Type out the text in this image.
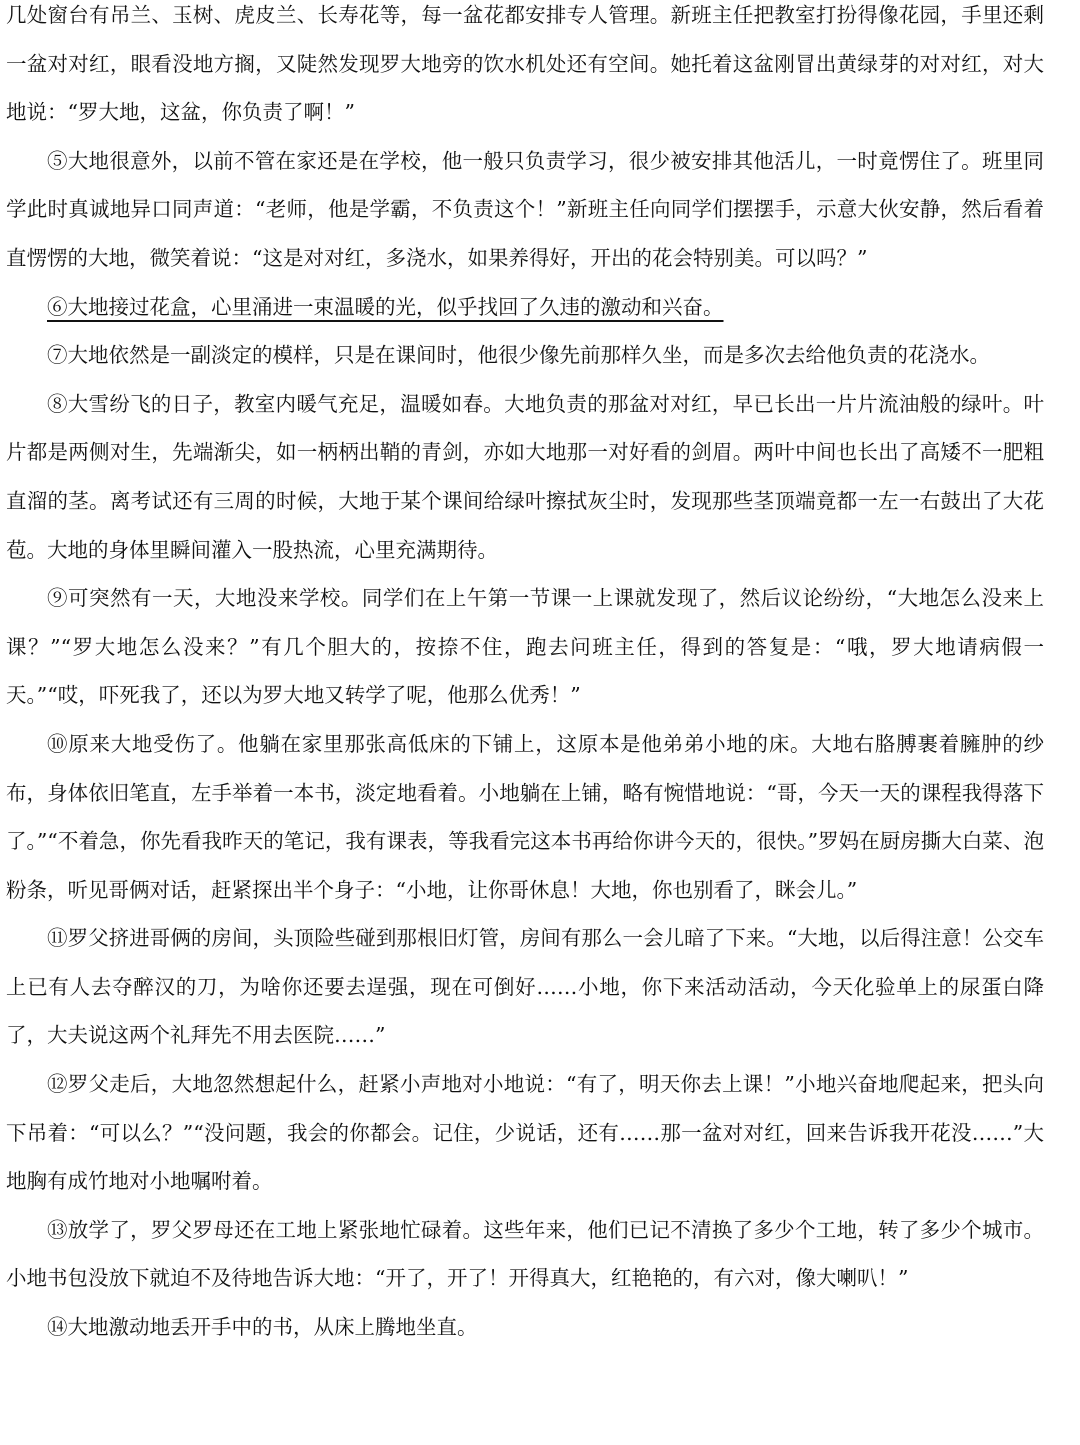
几处窗台有吊兰、玉树、虎皮兰、长寿花等，每一盆花都安排专人管理。新班主任把教室打扮得像花园，手里还剩一盆对对红，眼看没地方搁，又陡然发现罗大地旁的饮水机处还有空间。她托着这盆刚冒出黄绿芽的对对红，对大地说：“罗大地，这盆，你负责了啊！”

⑤大地很意外，以前不管在家还是在学校，他一般只负责学习，很少被安排其他活儿，一时竟愣住了。班里同学此时真诚地异口同声道：“老师，他是学霸，不负责这个！”新班主任向同学们摆摆手，示意大伙安静，然后看着直愣愣的大地，微笑着说：“这是对对红，多浇水，如果养得好，开出的花会特别美。可以吗？”

⑥大地接过花盒，心里涌进一束温暖的光，似乎找回了久违的激动和兴奋。

⑦大地依然是一副淡定的模样，只是在课间时，他很少像先前那样久坐，而是多次去给他负责的花浇水。

⑧大雪纷飞的日子，教室内暖气充足，温暖如春。大地负责的那盆对对红，早已长出一片片流油般的绿叶。叶片都是两侧对生，先端渐尖，如一柄柄出鞘的青剑，亦如大地那一对好看的剑眉。两叶中间也长出了高矮不一肥粗直溜的茎。离考试还有三周的时候，大地于某个课间给绿叶擦拭灰尘时，发现那些茎顶端竟都一左一右鼓出了大花苞。大地的身体里瞬间灌入一股热流，心里充满期待。

⑨可突然有一天，大地没来学校。同学们在上午第一节课一上课就发现了，然后议论纷纷，“大地怎么没来上课？”“罗大地怎么没来？”有几个胆大的，按捺不住，跑去问班主任，得到的答复是：“哦，罗大地请病假一天。”“哎，吓死我了，还以为罗大地又转学了呢，他那么优秀！”

⑩原来大地受伤了。他躺在家里那张高低床的下铺上，这原本是他弟弟小地的床。大地右胳膊裹着臃肿的纱布，身体依旧笔直，左手举着一本书，淡定地看着。小地躺在上铺，略有惋惜地说：“哥，今天一天的课程我得落下了。”“不着急，你先看我昨天的笔记，我有课表，等我看完这本书再给你讲今天的，很快。”罗妈在厨房撕大白菜、泡粉条，听见哥俩对话，赶紧探出半个身子：“小地，让你哥休息！大地，你也别看了，眯会儿。”

⑪罗父挤进哥俩的房间，头顶险些碰到那根旧灯管，房间有那么一会儿暗了下来。“大地，以后得注意！公交车上已有人去夺醉汉的刀，为啥你还要去逞强，现在可倒好……小地，你下来活动活动，今天化验单上的尿蛋白降了，大夫说这两个礼拜先不用去医院……”

⑫罗父走后，大地忽然想起什么，赶紧小声地对小地说：“有了，明天你去上课！”小地兴奋地爬起来，把头向下吊着：“可以么？”“没问题，我会的你都会。记住，少说话，还有……那一盆对对红，回来告诉我开花没……”大地胸有成竹地对小地嘱咐着。

⑬放学了，罗父罗母还在工地上紧张地忙碌着。这些年来，他们已记不清换了多少个工地，转了多少个城市。小地书包没放下就迫不及待地告诉大地：“开了，开了！开得真大，红艳艳的，有六对，像大喇叭！”

⑭大地激动地丢开手中的书，从床上腾地坐直。
